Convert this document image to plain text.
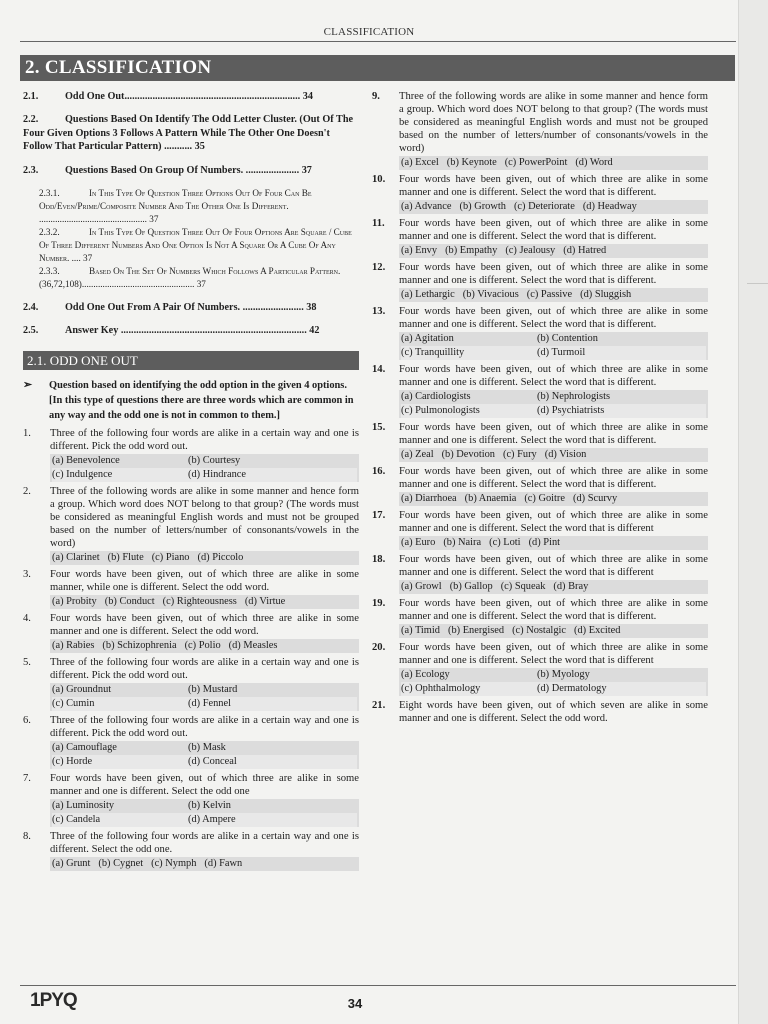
CLASSIFICATION
2. CLASSIFICATION
2.1.	Odd One Out..................................................................... 34
2.2.	Questions Based On Identify The Odd Letter Cluster. (Out Of The Four Given Options 3 Follows A Pattern While The Other One Doesn't Follow That Particular Pattern) ........... 35
2.3.	Questions Based On Group Of Numbers. ..................... 37
2.3.1.	In This Type Of Question Three Options Out Of Four Can Be Odd/Even/Prime/Composite Number And The Other One Is Different. ............................................... 37
2.3.2.	In This Type Of Question Three Out Of Four Options Are Square / Cube Of Three Different Numbers And One Option Is Not A Square Or A Cube Of Any Number. .... 37
2.3.3.	Based On The Set Of Numbers Which Follows A Particular Pattern. (36,72,108)................................................. 37
2.4.	Odd One Out From A Pair Of Numbers. ........................ 38
2.5.	Answer Key ......................................................................... 42
2.1. ODD ONE OUT
➢	Question based on identifying the odd option in the given 4 options. [In this type of questions there are three words which are common in any way and the odd one is not in common to them.]
1.	Three of the following four words are alike in a certain way and one is different. Pick the odd word out.
(a) Benevolence	(b) Courtesy
(c) Indulgence	(d) Hindrance
2.	Three of the following words are alike in some manner and hence form a group. Which word does NOT belong to that group? (The words must be considered as meaningful English words and must not be grouped based on the number of letters/number of consonants/vowels in the word)
(a) Clarinet (b) Flute (c) Piano (d) Piccolo
3.	Four words have been given, out of which three are alike in some manner, while one is different. Select the odd word.
(a) Probity (b) Conduct (c) Righteousness (d) Virtue
4.	Four words have been given, out of which three are alike in some manner and one is different. Select the odd word.
(a) Rabies (b) Schizophrenia (c) Polio (d) Measles
5.	Three of the following four words are alike in a certain way and one is different. Pick the odd word out.
(a) Groundnut	(b) Mustard
(c) Cumin	(d) Fennel
6.	Three of the following four words are alike in a certain way and one is different. Pick the odd word out.
(a) Camouflage	(b) Mask
(c) Horde	(d) Conceal
7.	Four words have been given, out of which three are alike in some manner and one is different. Select the odd one
(a) Luminosity	(b) Kelvin
(c) Candela	(d) Ampere
8.	Three of the following four words are alike in a certain way and one is different. Select the odd one.
(a) Grunt (b) Cygnet (c) Nymph (d) Fawn
9.	Three of the following words are alike in some manner and hence form a group. Which word does NOT belong to that group? (The words must be considered as meaningful English words and must not be grouped based on the number of letters/number of consonants/vowels in the word)
(a) Excel (b) Keynote (c) PowerPoint (d) Word
10.	Four words have been given, out of which three are alike in some manner and one is different. Select the word that is different.
(a) Advance (b) Growth (c) Deteriorate (d) Headway
11.	Four words have been given, out of which three are alike in some manner and one is different. Select the word that is different.
(a) Envy (b) Empathy (c) Jealousy (d) Hatred
12.	Four words have been given, out of which three are alike in some manner and one is different. Select the word that is different.
(a) Lethargic (b) Vivacious (c) Passive (d) Sluggish
13.	Four words have been given, out of which three are alike in some manner and one is different. Select the word that is different.
(a) Agitation	(b) Contention
(c) Tranquillity	(d) Turmoil
14.	Four words have been given, out of which three are alike in some manner and one is different. Select the word that is different.
(a) Cardiologists	(b) Nephrologists
(c) Pulmonologists	(d) Psychiatrists
15.	Four words have been given, out of which three are alike in some manner and one is different. Select the word that is different.
(a) Zeal (b) Devotion (c) Fury (d) Vision
16.	Four words have been given, out of which three are alike in some manner and one is different. Select the word that is different.
(a) Diarrhoea (b) Anaemia (c) Goitre (d) Scurvy
17.	Four words have been given, out of which three are alike in some manner and one is different. Select the word that is different
(a) Euro (b) Naira (c) Loti (d) Pint
18.	Four words have been given, out of which three are alike in some manner and one is different. Select the word that is different
(a) Growl (b) Gallop (c) Squeak (d) Bray
19.	Four words have been given, out of which three are alike in some manner and one is different. Select the word that is different.
(a) Timid (b) Energised (c) Nostalgic (d) Excited
20.	Four words have been given, out of which three are alike in some manner and one is different. Select the word that is different
(a) Ecology	(b) Myology
(c) Ophthalmology	(d) Dermatology
21.	Eight words have been given, out of which seven are alike in some manner and one is different. Select the odd word.
1PYQ	34
